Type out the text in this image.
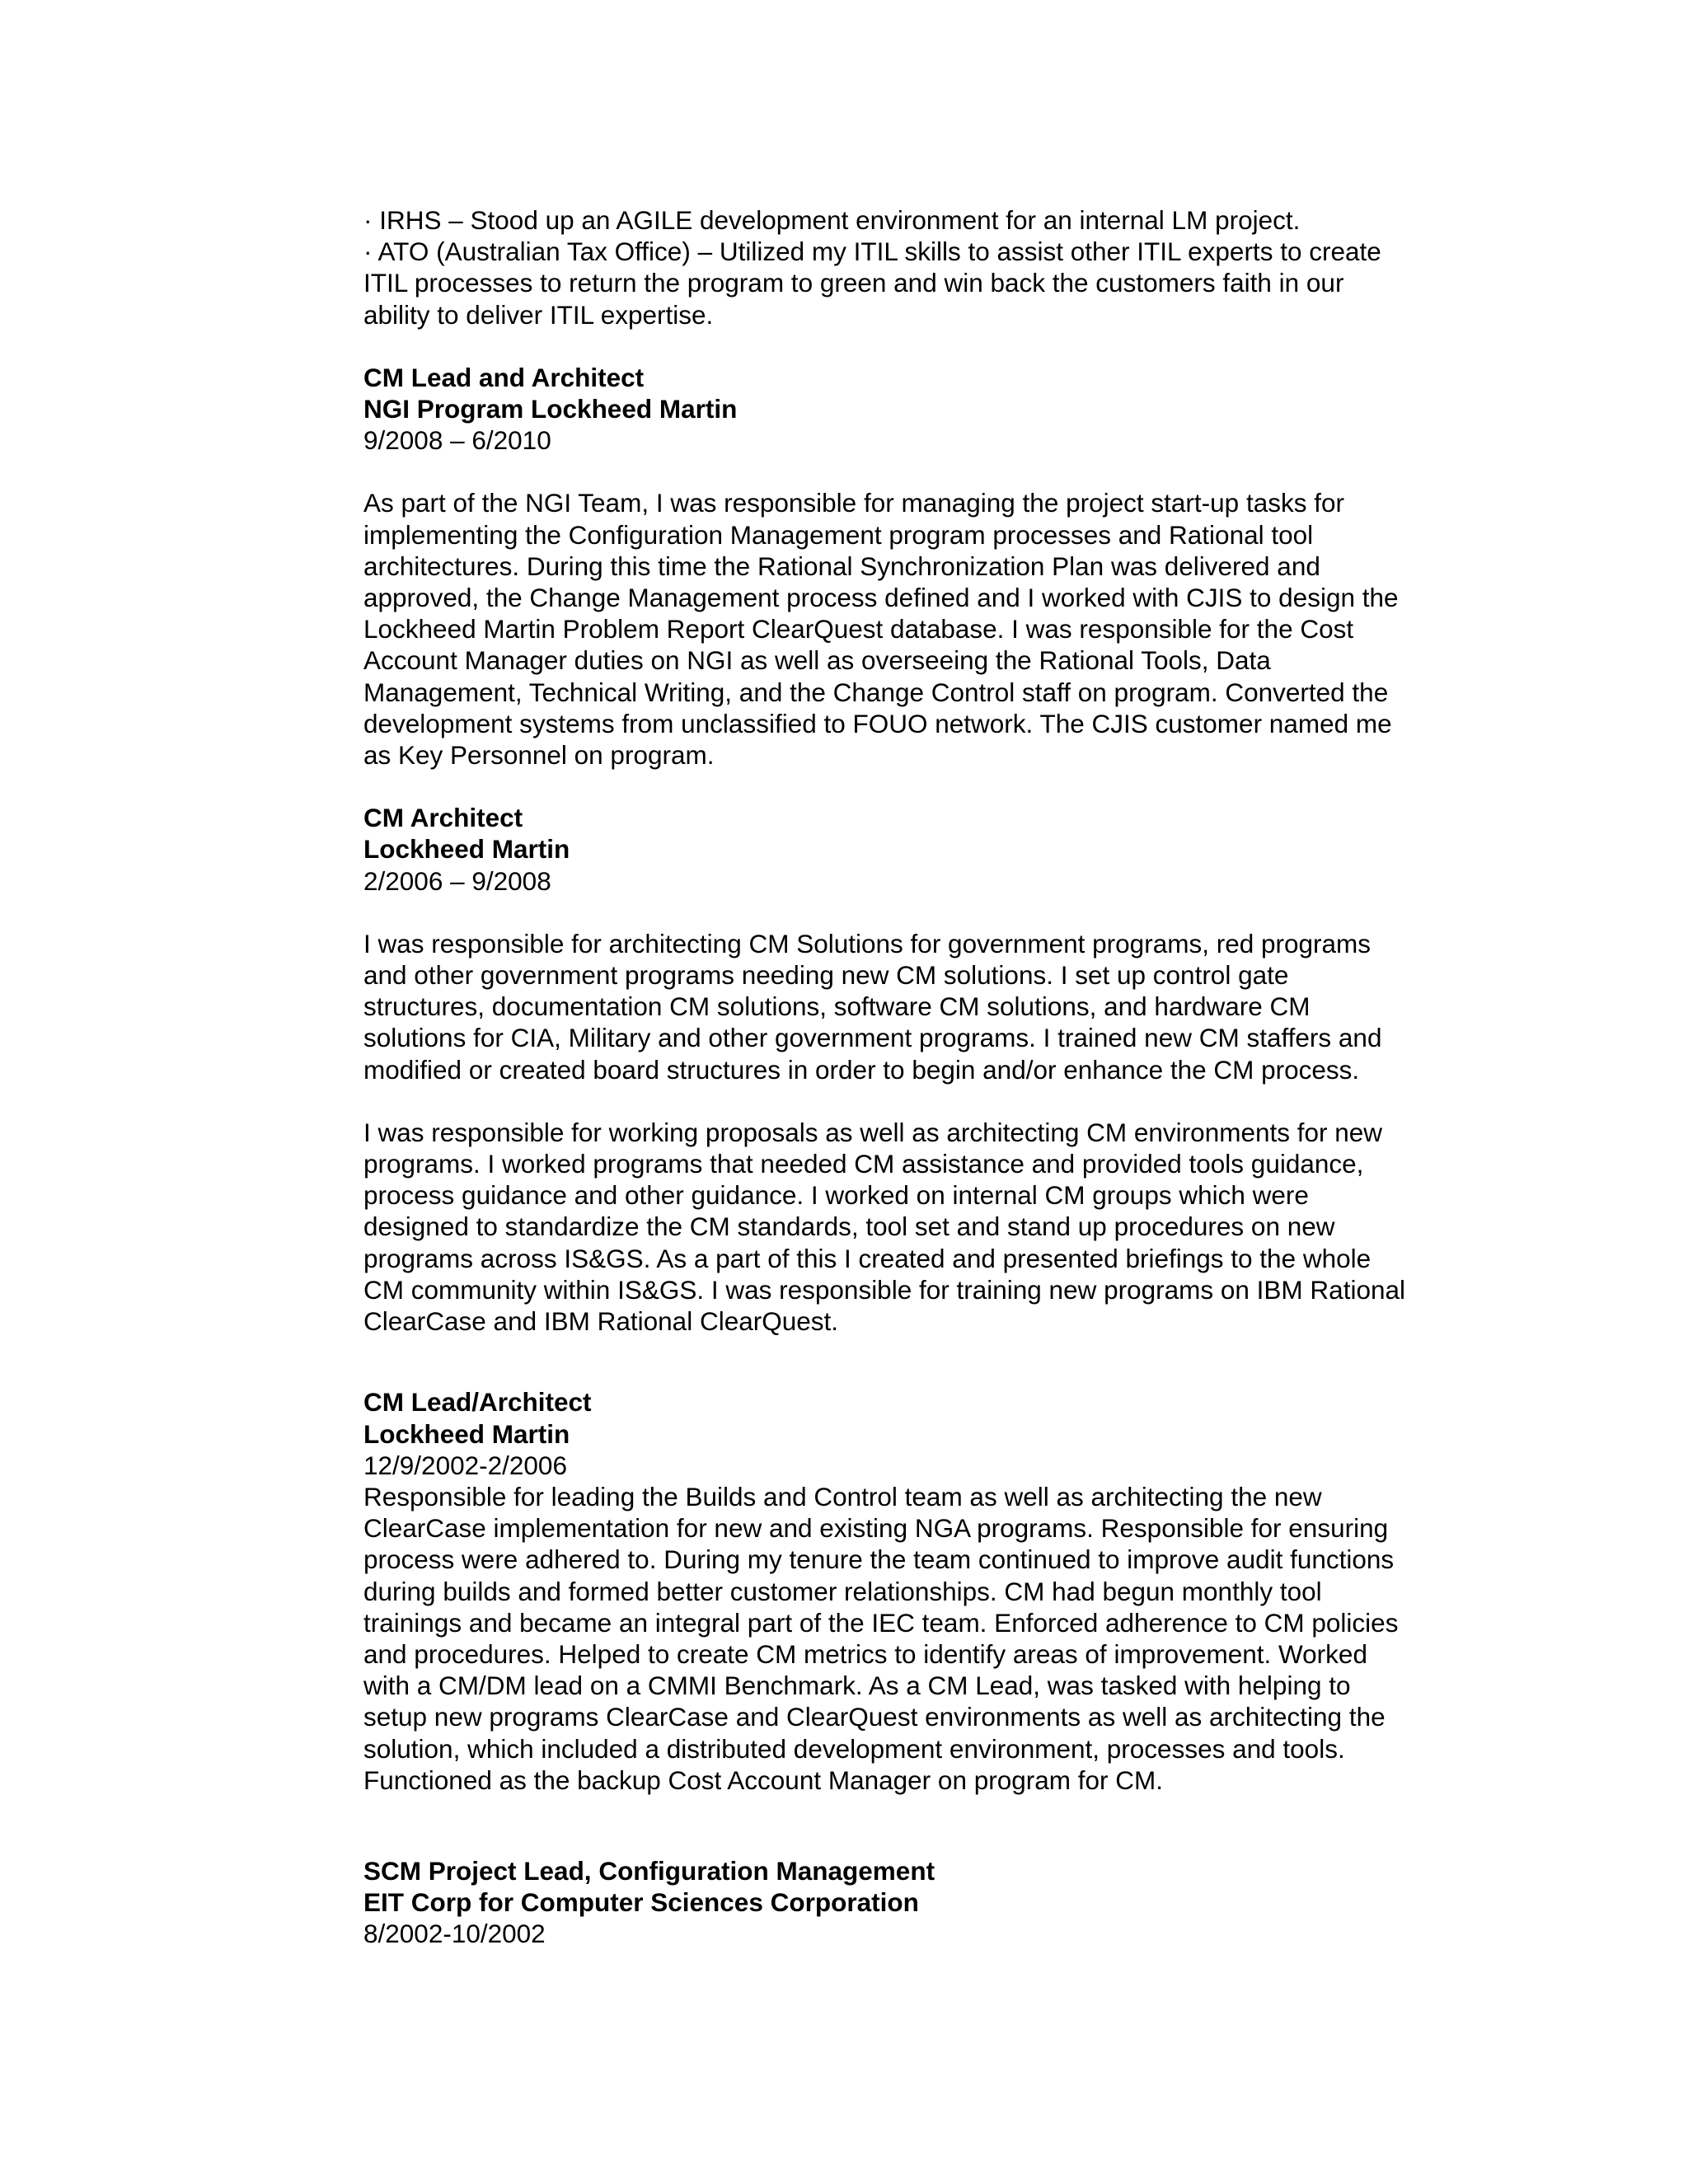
· IRHS – Stood up an AGILE development environment for an internal LM project.
· ATO (Australian Tax Office) – Utilized my ITIL skills to assist other ITIL experts to create
ITIL processes to return the program to green and win back the customers faith in our
ability to deliver ITIL expertise.
CM Lead and Architect
NGI Program Lockheed Martin
9/2008 – 6/2010
As part of the NGI Team, I was responsible for managing the project start-up tasks for
implementing the Configuration Management program processes and Rational tool
architectures. During this time the Rational Synchronization Plan was delivered and
approved, the Change Management process defined and I worked with CJIS to design the
Lockheed Martin Problem Report ClearQuest database. I was responsible for the Cost
Account Manager duties on NGI as well as overseeing the Rational Tools, Data
Management, Technical Writing, and the Change Control staff on program. Converted the
development systems from unclassified to FOUO network. The CJIS customer named me
as Key Personnel on program.
CM Architect
Lockheed Martin
2/2006 – 9/2008
I was responsible for architecting CM Solutions for government programs, red programs
and other government programs needing new CM solutions. I set up control gate
structures, documentation CM solutions, software CM solutions, and hardware CM
solutions for CIA, Military and other government programs. I trained new CM staffers and
modified or created board structures in order to begin and/or enhance the CM process.
I was responsible for working proposals as well as architecting CM environments for new
programs. I worked programs that needed CM assistance and provided tools guidance,
process guidance and other guidance. I worked on internal CM groups which were
designed to standardize the CM standards, tool set and stand up procedures on new
programs across IS&GS. As a part of this I created and presented briefings to the whole
CM community within IS&GS. I was responsible for training new programs on IBM Rational
ClearCase and IBM Rational ClearQuest.
CM Lead/Architect
Lockheed Martin
12/9/2002-2/2006
Responsible for leading the Builds and Control team as well as architecting the new
ClearCase implementation for new and existing NGA programs. Responsible for ensuring
process were adhered to. During my tenure the team continued to improve audit functions
during builds and formed better customer relationships. CM had begun monthly tool
trainings and became an integral part of the IEC team. Enforced adherence to CM policies
and procedures. Helped to create CM metrics to identify areas of improvement. Worked
with a CM/DM lead on a CMMI Benchmark. As a CM Lead, was tasked with helping to
setup new programs ClearCase and ClearQuest environments as well as architecting the
solution, which included a distributed development environment, processes and tools.
Functioned as the backup Cost Account Manager on program for CM.
SCM Project Lead, Configuration Management
EIT Corp for Computer Sciences Corporation
8/2002-10/2002
